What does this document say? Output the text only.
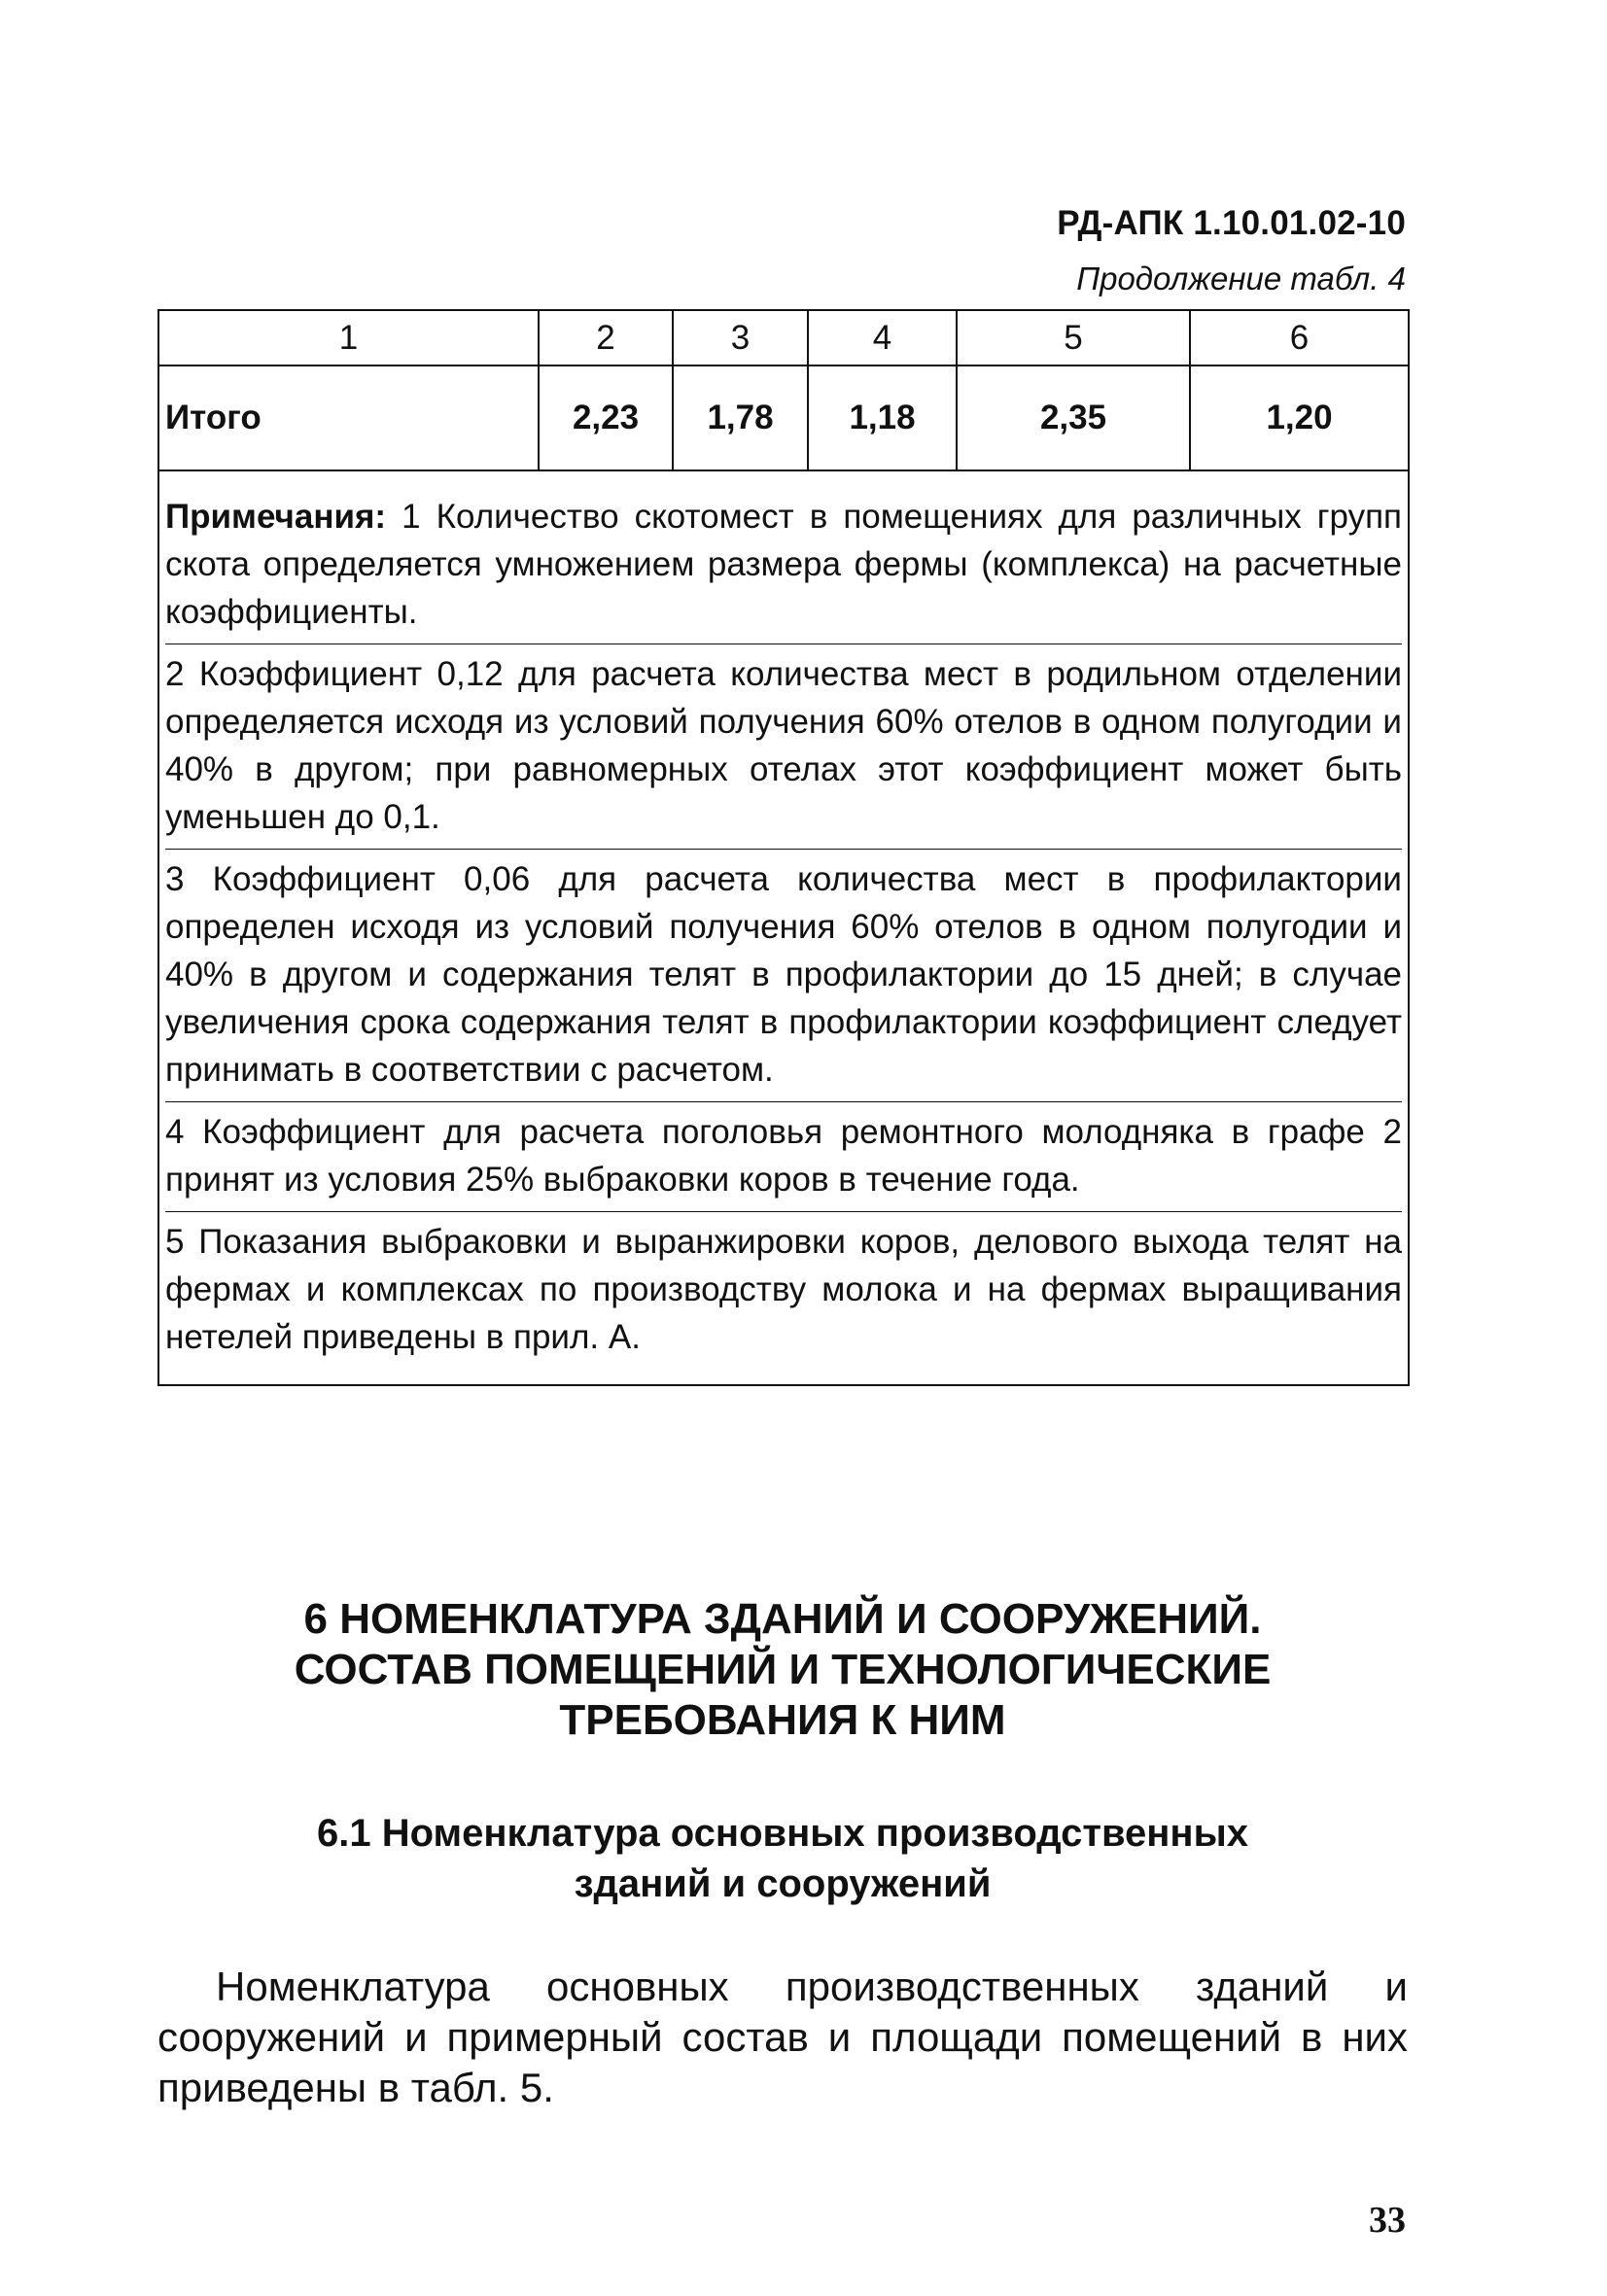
РД-АПК 1.10.01.02-10
Продолжение табл. 4
1	2	3	4	5	6
Итого	2,23	1,78	1,18	2,35	1,20

Примечания: 1 Количество скотомест в помещениях для различных групп скота определяется умножением размера фермы (комплекса) на расчетные коэффициенты.

2 Коэффициент 0,12 для расчета количества мест в родильном отделении определяется исходя из условий получения 60% отелов в одном полугодии и 40% в другом; при равномерных отелах этот коэффициент может быть уменьшен до 0,1.

3 Коэффициент 0,06 для расчета количества мест в профилактории определен исходя из условий получения 60% отелов в одном полугодии и 40% в другом и содержания телят в профилактории до 15 дней; в случае увеличения срока содержания телят в профилактории коэффициент следует принимать в соответствии с расчетом.

4 Коэффициент для расчета поголовья ремонтного молодняка в графе 2 принят из условия 25% выбраковки коров в течение года.

5 Показания выбраковки и выранжировки коров, делового выхода телят на фермах и комплексах по производству молока и на фермах выращивания нетелей приведены в прил. А.					

6 НОМЕНКЛАТУРА ЗДАНИЙ И СООРУЖЕНИЙ.
СОСТАВ ПОМЕЩЕНИЙ И ТЕХНОЛОГИЧЕСКИЕ
ТРЕБОВАНИЯ К НИМ
6.1 Номенклатура основных производственных
зданий и сооружений

Номенклатура основных производственных зданий и сооружений и примерный состав и площади помещений в них приведены в табл. 5.

33
